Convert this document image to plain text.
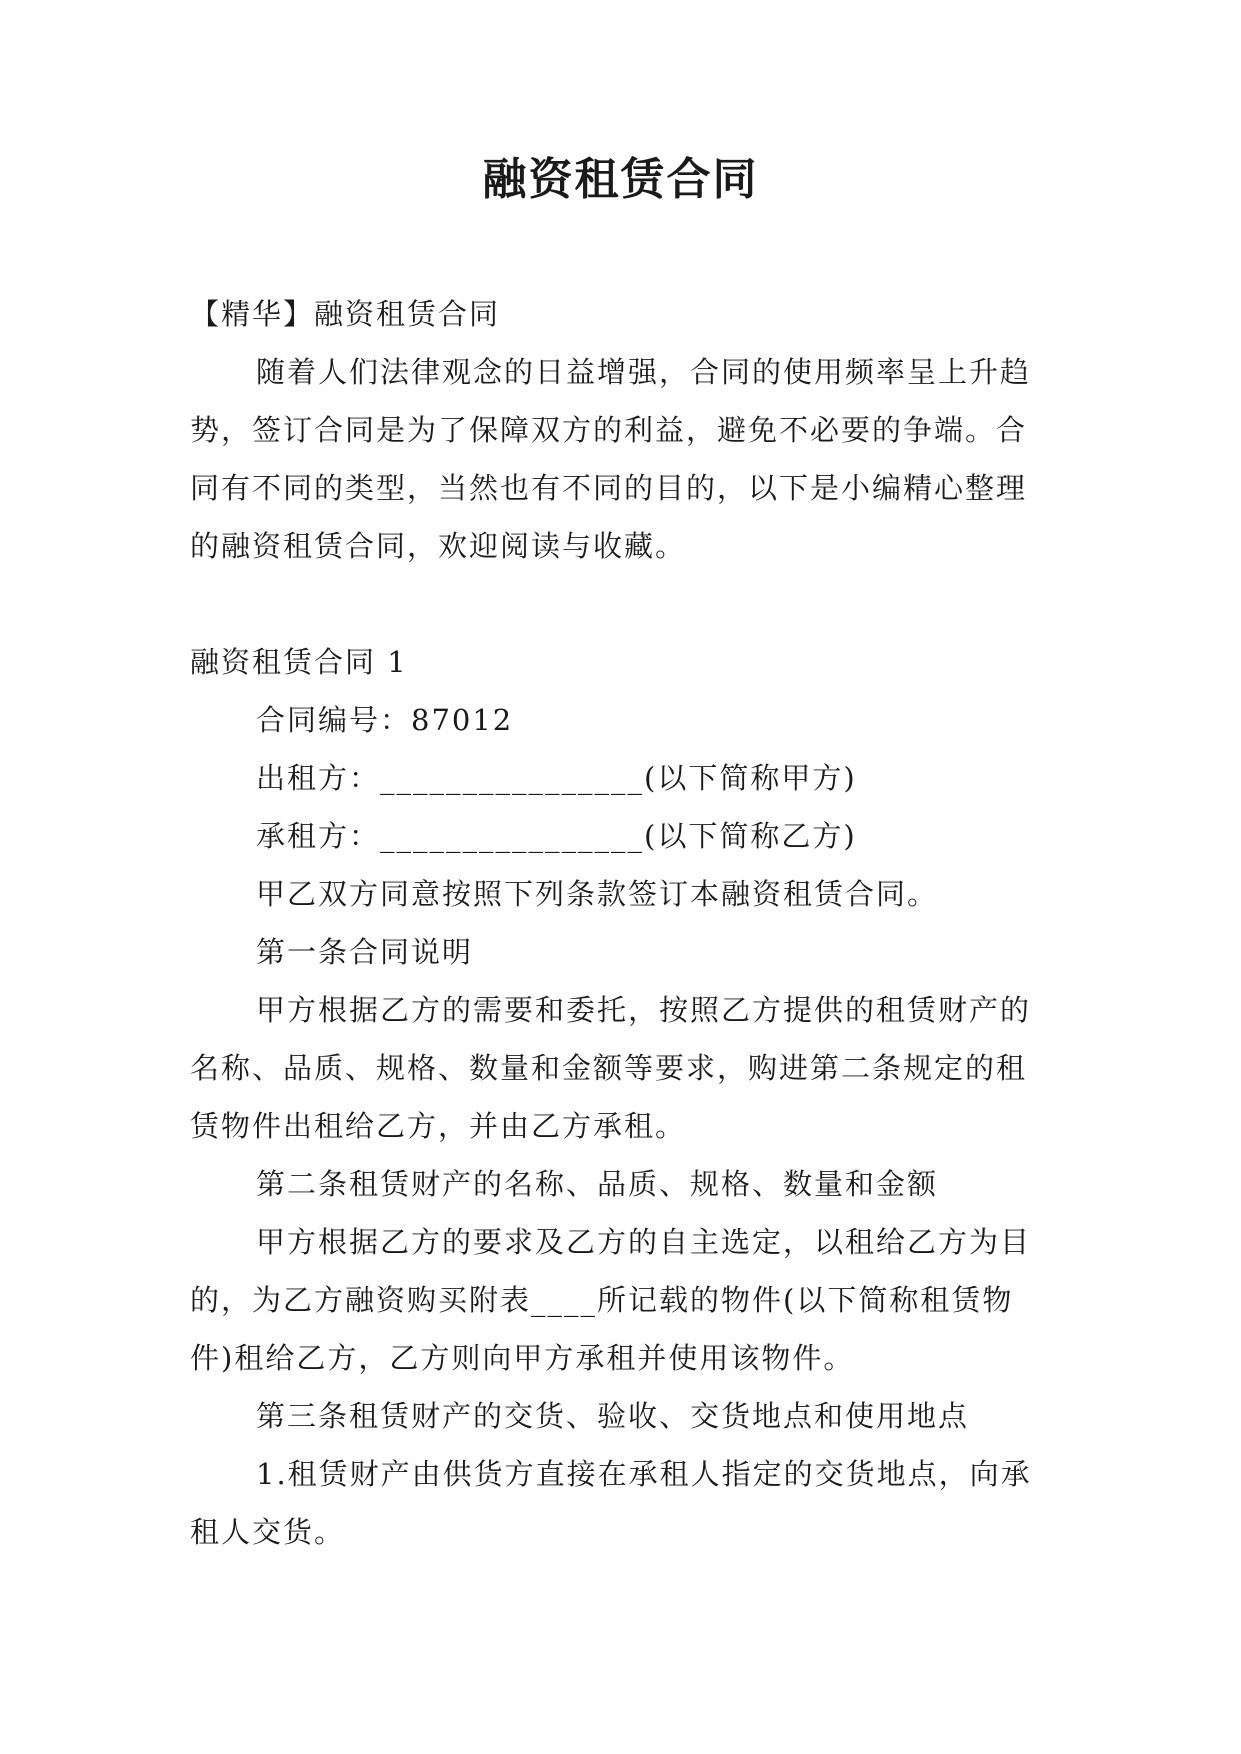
融资租赁合同

【精华】融资租赁合同

随着人们法律观念的日益增强，合同的使用频率呈上升趋势，签订合同是为了保障双方的利益，避免不必要的争端。合同有不同的类型，当然也有不同的目的，以下是小编精心整理的融资租赁合同，欢迎阅读与收藏。

融资租赁合同 1

合同编号：87012

出租方：________________(以下简称甲方)

承租方：________________(以下简称乙方)

甲乙双方同意按照下列条款签订本融资租赁合同。

第一条合同说明

甲方根据乙方的需要和委托，按照乙方提供的租赁财产的名称、品质、规格、数量和金额等要求，购进第二条规定的租赁物件出租给乙方，并由乙方承租。

第二条租赁财产的名称、品质、规格、数量和金额

甲方根据乙方的要求及乙方的自主选定，以租给乙方为目的，为乙方融资购买附表____所记载的物件(以下简称租赁物件)租给乙方，乙方则向甲方承租并使用该物件。

第三条租赁财产的交货、验收、交货地点和使用地点

1.租赁财产由供货方直接在承租人指定的交货地点，向承租人交货。
